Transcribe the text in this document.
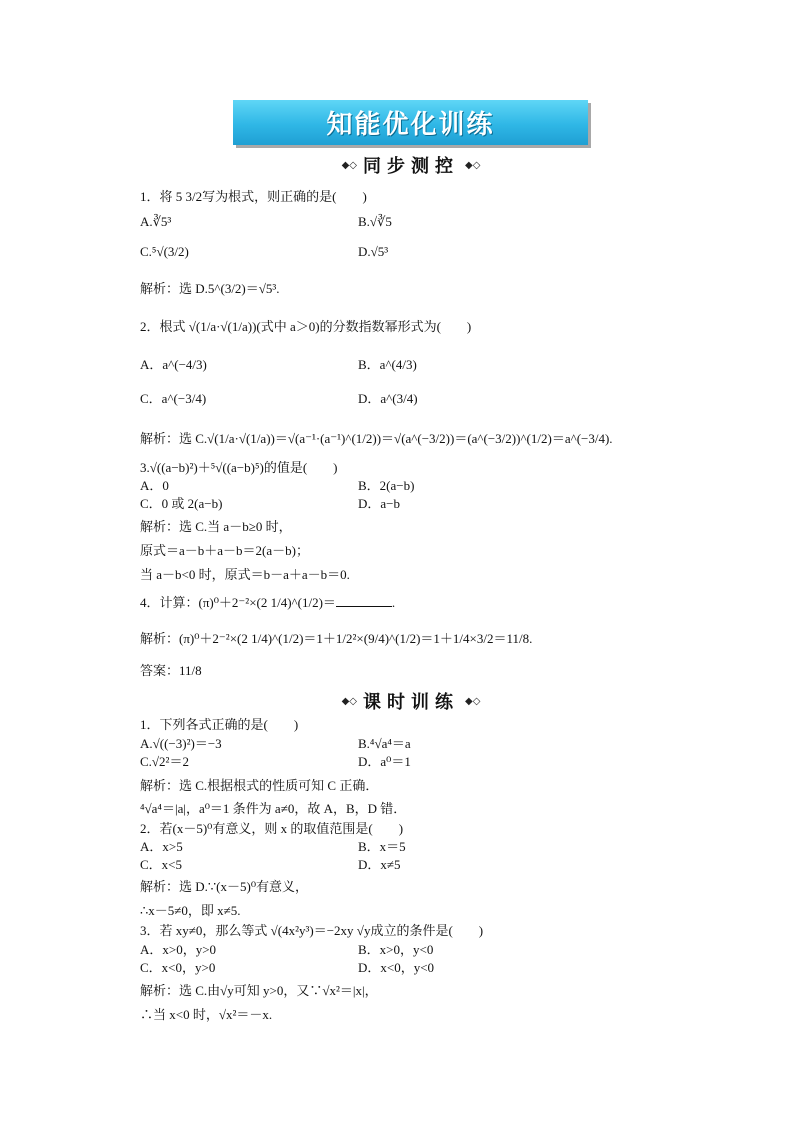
知能优化训练
◆◇ 同步测控 ◆◇
1．将 5 3/2写为根式，则正确的是(　　)
A.∛5³	B.√∛5
C.⁵√(3/2)	D.√5³
解析：选 D.5^(3/2)＝√5³.
2．根式 √(1/a·√(1/a))(式中 a＞0)的分数指数幂形式为(　　)
A．a^(−4/3)	B．a^(4/3)
C．a^(−3/4)	D．a^(3/4)
解析：选 C.√(1/a·√(1/a))＝√(a⁻¹·(a⁻¹)^(1/2))＝√(a^(−3/2))＝(a^(−3/2))^(1/2)＝a^(−3/4).
3.√((a−b)²)＋⁵√((a−b)⁵)的值是(　　)
A．0	B．2(a−b)
C．0 或 2(a−b)	D．a−b
解析：选 C.当 a－b≥0 时，
原式＝a－b＋a－b＝2(a－b)；
当 a－b<0 时，原式＝b－a＋a－b＝0.
4．计算：(π)⁰＋2⁻²×(2 1/4)^(1/2)＝	.
解析：(π)⁰＋2⁻²×(2 1/4)^(1/2)＝1＋1/2²×(9/4)^(1/2)＝1＋1/4×3/2＝11/8.
答案：11/8
◆◇ 课时训练 ◆◇
1．下列各式正确的是(　　)
A.√((−3)²)＝−3	B.⁴√a⁴＝a
C.√2²＝2	D．a⁰＝1
解析：选 C.根据根式的性质可知 C 正确．
⁴√a⁴＝|a|，a⁰＝1 条件为 a≠0，故 A，B，D 错．
2．若(x－5)⁰有意义，则 x 的取值范围是(　　)
A．x>5	B．x＝5
C．x<5	D．x≠5
解析：选 D.∵(x－5)⁰有意义，
∴x－5≠0，即 x≠5.
3．若 xy≠0，那么等式 √(4x²y³)＝−2xy √y成立的条件是(　　)
A．x>0，y>0	B．x>0，y<0
C．x<0，y>0	D．x<0，y<0
解析：选 C.由√y可知 y>0，又∵√x²＝|x|，
∴当 x<0 时，√x²＝－x.
